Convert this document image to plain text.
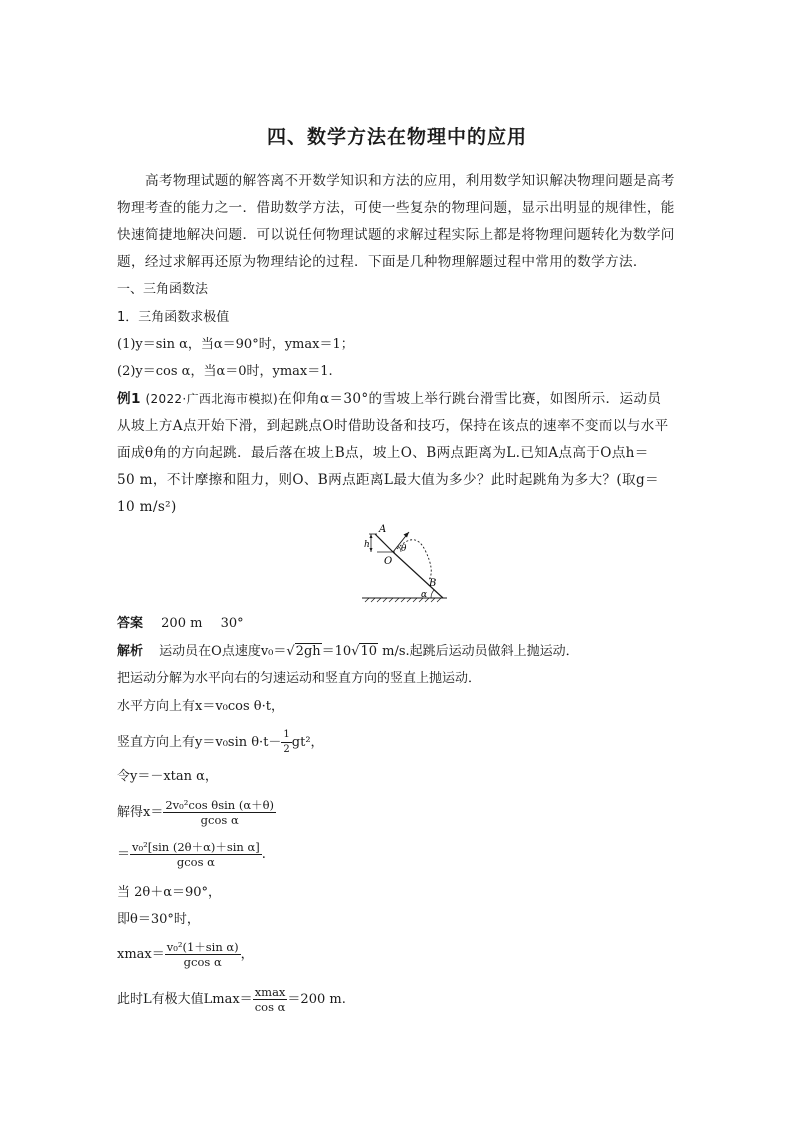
四、数学方法在物理中的应用
高考物理试题的解答离不开数学知识和方法的应用，利用数学知识解决物理问题是高考
物理考查的能力之一．借助数学方法，可使一些复杂的物理问题，显示出明显的规律性，能
快速简捷地解决问题．可以说任何物理试题的求解过程实际上都是将物理问题转化为数学问
题，经过求解再还原为物理结论的过程．下面是几种物理解题过程中常用的数学方法．
一、三角函数法
1．三角函数求极值
(1)y＝sin α，当α＝90°时，ymax＝1；
(2)y＝cos α，当α＝0时，ymax＝1.
例1 (2022·广西北海市模拟)在仰角α＝30°的雪坡上举行跳台滑雪比赛，如图所示．运动员
从坡上方A点开始下滑，到起跳点O时借助设备和技巧，保持在该点的速率不变而以与水平
面成θ角的方向起跳．最后落在坡上B点，坡上O、B两点距离为L.已知A点高于O点h＝
50 m，不计摩擦和阻力，则O、B两点距离L最大值为多少？此时起跳角为多大？(取g＝
10 m/s²)
A
h
O
θ
B
α
答案 200 m 30°
解析 运动员在O点速度v₀＝√2gh＝10√10 m/s.起跳后运动员做斜上抛运动．
把运动分解为水平向右的匀速运动和竖直方向的竖直上抛运动．
水平方向上有x＝v₀cos θ·t，
竖直方向上有y＝v₀sin $\theta\cdot t- \frac{1}{2} gt^2$，
令y＝－xtan α，
解得$x= \frac{\text{2v₀²cos θsin (α＋θ)}}{\text{gcos α}}$
＝ $\frac{\text{v₀²[sin (2θ＋α)＋sin α]}}{\text{gcos α}}$ .
当 2θ＋α＝90°，
即θ＝30°时，
$xmax= \frac{\text{v₀²(1＋sin α)}}{\text{gcos α}}$ ，
此时L有极大值$Lmax= \frac{xmax}{\text{cos α}} =200$ m.
